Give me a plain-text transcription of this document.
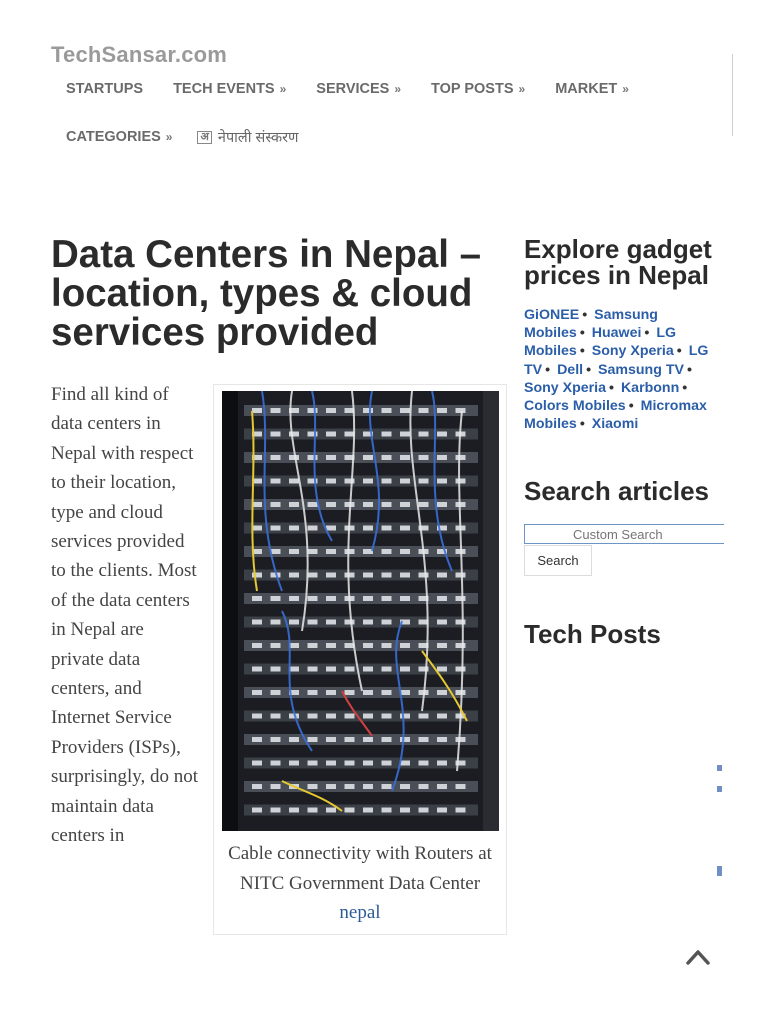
TechSansar.com
STARTUPS TECH EVENTS » SERVICES » TOP POSTS » MARKET »
CATEGORIES »	अ नेपाली संस्करण
Data Centers in Nepal – location, types & cloud services provided

Find all kind of data centers in Nepal with respect to their location, type and cloud services provided to the clients. Most of the data centers in Nepal are private data centers, and Internet Service Providers (ISPs), surprisingly, do not maintain data centers in

Cable connectivity with Routers at NITC Government Data Center
nepal
Explore gadget prices in Nepal
GiONEE • Samsung Mobiles • Huawei • LG Mobiles • Sony Xperia • LG TV • Dell • Samsung TV • Sony Xperia • Karbonn • Colors Mobiles • Micromax Mobiles • Xiaomi
Search articles
Custom Search
Search
Tech Posts
